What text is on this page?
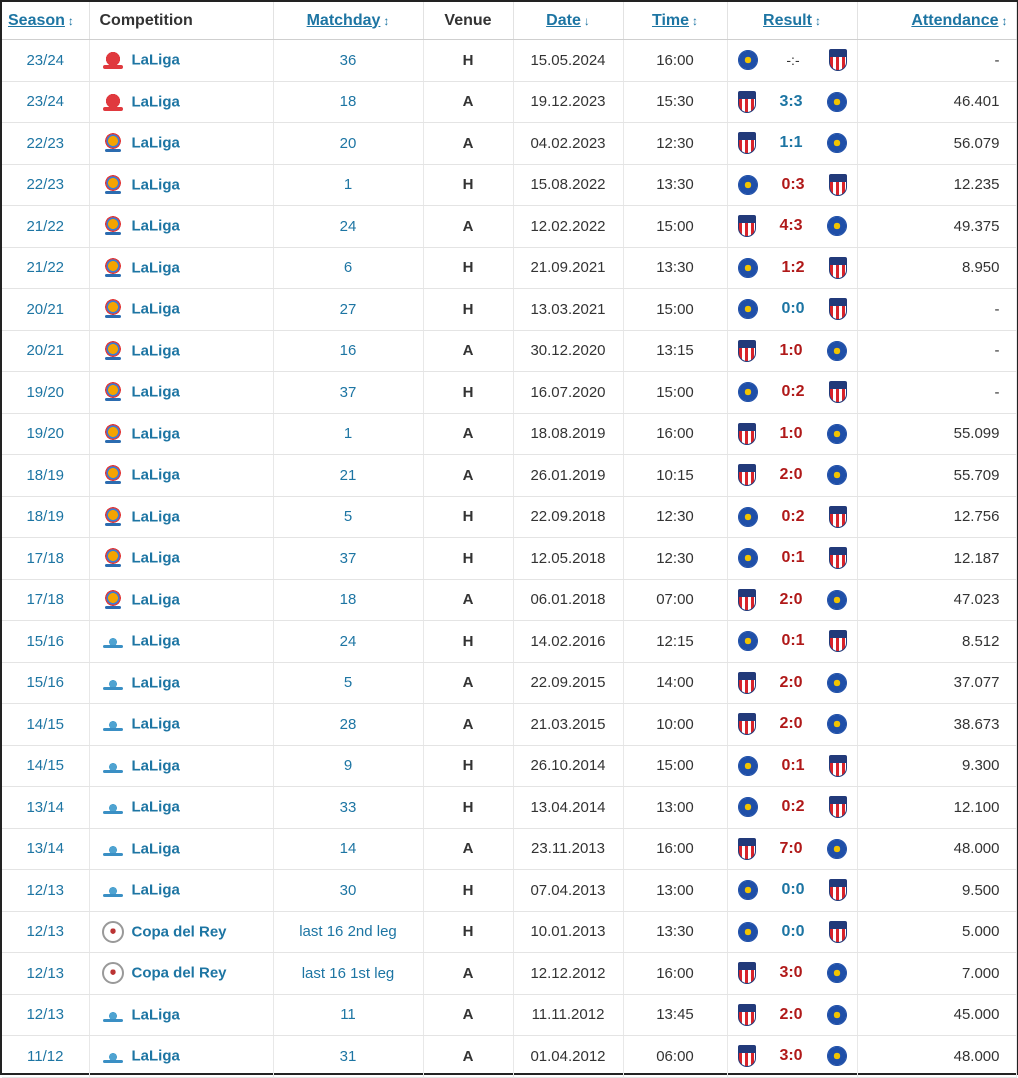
Season ↕	Competition	Matchday ↕	Venue	Date ↓	Time ↕	Result ↕	Attendance ↕
23/24	LaLiga	36	H	15.05.2024	16:00	-:-	-
23/24	LaLiga	18	A	19.12.2023	15:30	3:3	46.401
22/23	LaLiga	20	A	04.02.2023	12:30	1:1	56.079
22/23	LaLiga	1	H	15.08.2022	13:30	0:3	12.235
21/22	LaLiga	24	A	12.02.2022	15:00	4:3	49.375
21/22	LaLiga	6	H	21.09.2021	13:30	1:2	8.950
20/21	LaLiga	27	H	13.03.2021	15:00	0:0	-
20/21	LaLiga	16	A	30.12.2020	13:15	1:0	-
19/20	LaLiga	37	H	16.07.2020	15:00	0:2	-
19/20	LaLiga	1	A	18.08.2019	16:00	1:0	55.099
18/19	LaLiga	21	A	26.01.2019	10:15	2:0	55.709
18/19	LaLiga	5	H	22.09.2018	12:30	0:2	12.756
17/18	LaLiga	37	H	12.05.2018	12:30	0:1	12.187
17/18	LaLiga	18	A	06.01.2018	07:00	2:0	47.023
15/16	LaLiga	24	H	14.02.2016	12:15	0:1	8.512
15/16	LaLiga	5	A	22.09.2015	14:00	2:0	37.077
14/15	LaLiga	28	A	21.03.2015	10:00	2:0	38.673
14/15	LaLiga	9	H	26.10.2014	15:00	0:1	9.300
13/14	LaLiga	33	H	13.04.2014	13:00	0:2	12.100
13/14	LaLiga	14	A	23.11.2013	16:00	7:0	48.000
12/13	LaLiga	30	H	07.04.2013	13:00	0:0	9.500
12/13	Copa del Rey	last 16 2nd leg	H	10.01.2013	13:30	0:0	5.000
12/13	Copa del Rey	last 16 1st leg	A	12.12.2012	16:00	3:0	7.000
12/13	LaLiga	11	A	11.11.2012	13:45	2:0	45.000
11/12	LaLiga	31	A	01.04.2012	06:00	3:0	48.000
